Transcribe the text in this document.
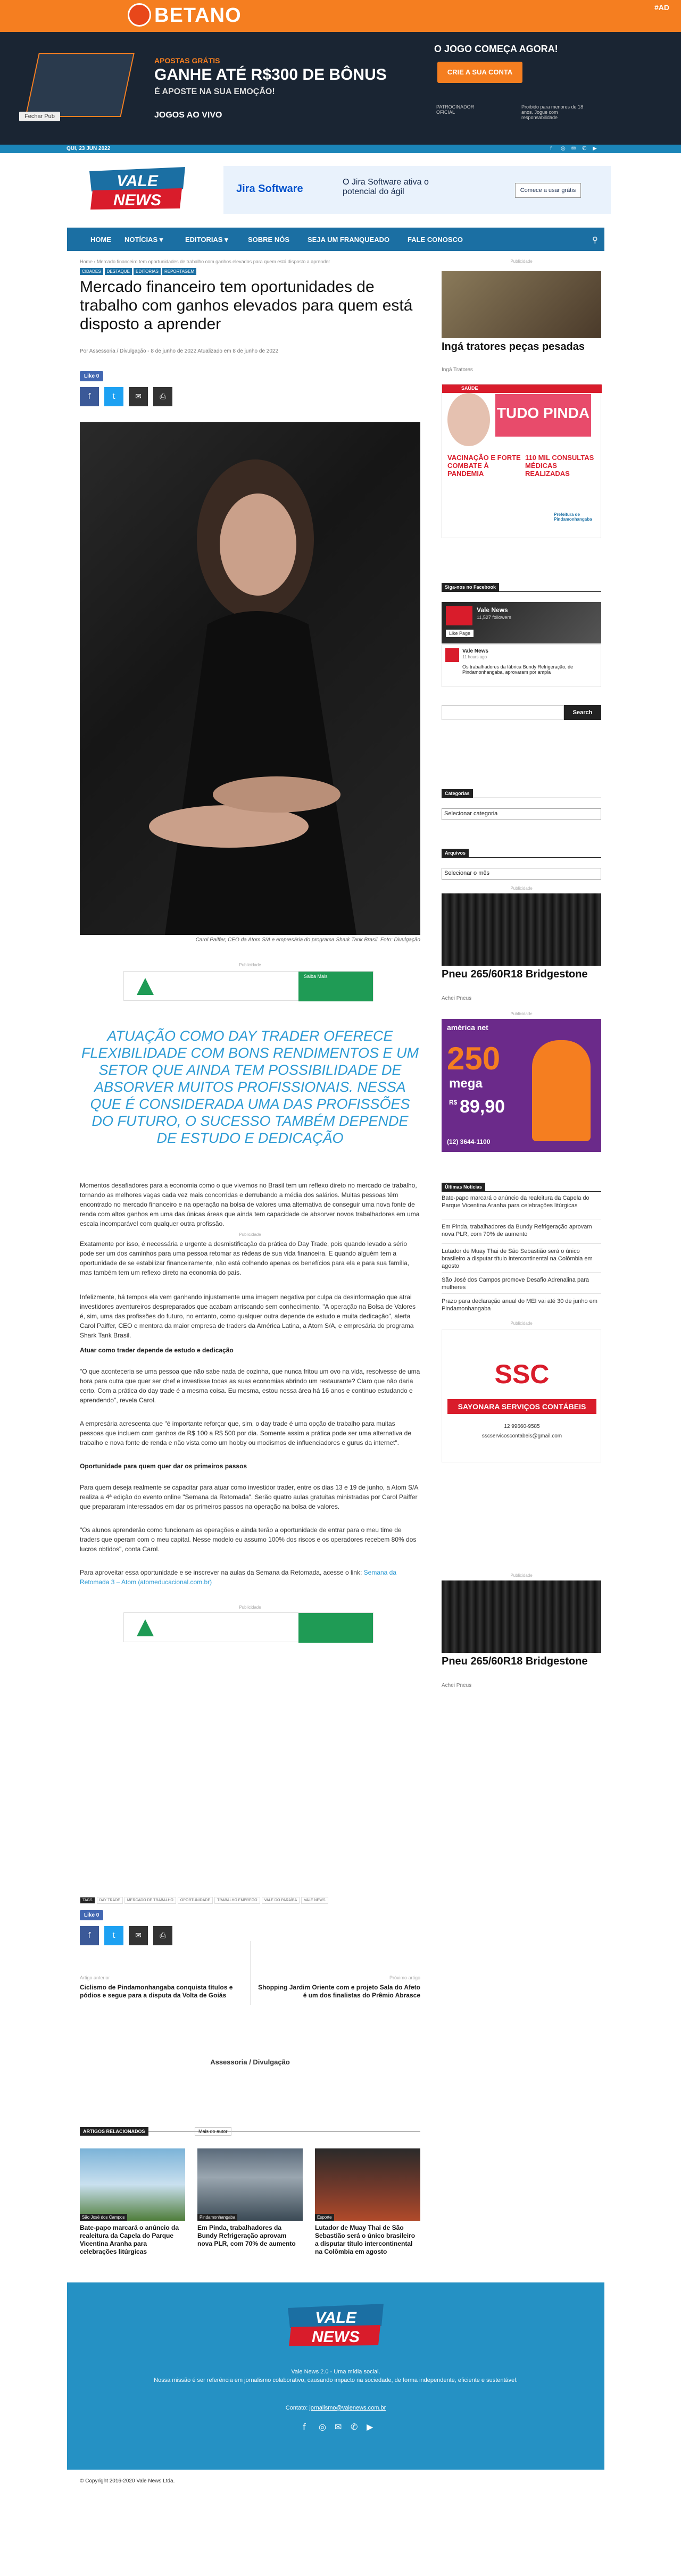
BETANO	#AD
APOSTAS GRÁTIS
GANHE ATÉ R$300 DE BÔNUS
É APOSTE NA SUA EMOÇÃO!
JOGOS AO VIVO
O JOGO COMEÇA AGORA!
CRIE A SUA CONTA
PATROCINADOR OFICIAL
Proibido para menores de 18 anos. Jogue com responsabilidade
Fechar Pub
QUI, 23 JUN 2022	f	◎ ✉ ✆ ▶
VALE
NEWS
Jira Software
O Jira Software ativa o potencial do ágil	Comece a usar grátis
HOME NOTÍCIAS ▾	EDITORIAS ▾	SOBRE NÓS	SEJA UM FRANQUEADO	FALE CONOSCO	⚲
Home › Mercado financeiro tem oportunidades de trabalho com ganhos elevados para quem está disposto a aprender
CIDADES DESTAQUE EDITORIAS REPORTAGEM
Mercado financeiro tem oportunidades de trabalho com ganhos elevados para quem está disposto a aprender
Por Assessoria / Divulgação - 8 de junho de 2022 Atualizado em 8 de junho de 2022
Like 0
f	t	✉	⎙
Carol Paiffer, CEO da Atom S/A e empresária do programa Shark Tank Brasil. Foto: Divulgação
Publicidade
Saiba Mais
ATUAÇÃO COMO DAY TRADER OFERECE FLEXIBILIDADE COM BONS RENDIMENTOS E UM SETOR QUE AINDA TEM POSSIBILIDADE DE ABSORVER MUITOS PROFISSIONAIS. NESSA QUE É CONSIDERADA UMA DAS PROFISSÕES DO FUTURO, O SUCESSO TAMBÉM DEPENDE DE ESTUDO E DEDICAÇÃO

Momentos desafiadores para a economia como o que vivemos no Brasil tem um reflexo direto no mercado de trabalho, tornando as melhores vagas cada vez mais concorridas e derrubando a média dos salários. Muitas pessoas têm encontrado no mercado financeiro e na operação na bolsa de valores uma alternativa de conseguir uma nova fonte de renda com altos ganhos em uma das únicas áreas que ainda tem capacidade de absorver novos trabalhadores em uma escala incomparável com qualquer outra profissão.

Publicidade

Exatamente por isso, é necessária e urgente a desmistificação da prática do Day Trade, pois quando levado a sério pode ser um dos caminhos para uma pessoa retomar as rédeas de sua vida financeira. E quando alguém tem a oportunidade de se estabilizar financeiramente, não está colhendo apenas os benefícios para ela e para sua família, mas também tem um reflexo direto na economia do país.

Infelizmente, há tempos ela vem ganhando injustamente uma imagem negativa por culpa da desinformação que atrai investidores aventureiros despreparados que acabam arriscando sem conhecimento. "A operação na Bolsa de Valores é, sim, uma das profissões do futuro, no entanto, como qualquer outra depende de estudo e muita dedicação", alerta Carol Paiffer, CEO e mentora da maior empresa de traders da América Latina, a Atom S/A, e empresária do programa Shark Tank Brasil.

Atuar como trader depende de estudo e dedicação

"O que aconteceria se uma pessoa que não sabe nada de cozinha, que nunca fritou um ovo na vida, resolvesse de uma hora para outra que quer ser chef e investisse todas as suas economias abrindo um restaurante? Claro que não daria certo. Com a prática do day trade é a mesma coisa. Eu mesma, estou nessa área há 16 anos e continuo estudando e aprendendo", revela Carol.

A empresária acrescenta que "é importante reforçar que, sim, o day trade é uma opção de trabalho para muitas pessoas que incluem com ganhos de R$ 100 a R$ 500 por dia. Somente assim a prática pode ser uma alternativa de trabalho e nova fonte de renda e não vista como um hobby ou modismos de influenciadores e gurus da internet".

Oportunidade para quem quer dar os primeiros passos

Para quem deseja realmente se capacitar para atuar como investidor trader, entre os dias 13 e 19 de junho, a Atom S/A realiza a 4ª edição do evento online "Semana da Retomada". Serão quatro aulas gratuitas ministradas por Carol Paiffer que prepararam interessados em dar os primeiros passos na operação na bolsa de valores.

"Os alunos aprenderão como funcionam as operações e ainda terão a oportunidade de entrar para o meu time de traders que operam com o meu capital. Nesse modelo eu assumo 100% dos riscos e os operadores recebem 80% dos lucros obtidos", conta Carol.

Para aproveitar essa oportunidade e se inscrever na aulas da Semana da Retomada, acesse o link: Semana da Retomada 3 – Atom (atomeducacional.com.br)

Publicidade
TAGS DAY TRADE MERCADO DE TRABALHO OPORTUNIDADE TRABALHO EMPREGO VALE DO PARAÍBA VALE NEWS
Like 0
f	t	✉	⎙
Artigo anterior
Ciclismo de Pindamonhangaba conquista títulos e pódios e segue para a disputa da Volta de Goiás
Próximo artigo
Shopping Jardim Oriente com e projeto Sala do Afeto é um dos finalistas do Prêmio Abrasce
Assessoria / Divulgação
ARTIGOS RELACIONADOS	Mais do autor
São José dos Campos
Bate-papo marcará o anúncio da realeitura da Capela do Parque Vicentina Aranha para celebrações litúrgicas
Pindamonhangaba
Em Pinda, trabalhadores da Bundy Refrigeração aprovam nova PLR, com 70% de aumento
Esporte
Lutador de Muay Thai de São Sebastião será o único brasileiro a disputar título intercontinental na Colômbia em agosto
Publicidade
Ingá tratores peças pesadas
Ingá Tratores
SAÚDE
TUDO PINDA
VACINAÇÃO E FORTE COMBATE À PANDEMIA
110 MIL CONSULTAS MÉDICAS REALIZADAS
Prefeitura de Pindamonhangaba
Siga-nos no Facebook
Vale News
11,527 followers
Like Page
Vale News
11 hours ago
Os trabalhadores da fábrica Bundy Refrigeração, de Pindamonhangaba, aprovaram por ampla
Search
Categorias
Selecionar categoria
Arquivos
Selecionar o mês
Publicidade
Pneu 265/60R18 Bridgestone
Achei Pneus
Publicidade
américa net
250
mega
R$ 89,90
(12) 3644-1100
Últimas Notícias
Bate-papo marcará o anúncio da realeitura da Capela do Parque Vicentina Aranha para celebrações litúrgicas
Em Pinda, trabalhadores da Bundy Refrigeração aprovam nova PLR, com 70% de aumento
Lutador de Muay Thai de São Sebastião será o único brasileiro a disputar título intercontinental na Colômbia em agosto
São José dos Campos promove Desafio Adrenalina para mulheres
Prazo para declaração anual do MEI vai até 30 de junho em Pindamonhangaba
Publicidade
SSC
SAYONARA SERVIÇOS CONTÁBEIS
12 99660-9585
sscservicoscontabeis@gmail.com
Publicidade
Pneu 265/60R18 Bridgestone
Achei Pneus
VALE
NEWS
Vale News 2.0 - Uma mídia social.
Nossa missão é ser referência em jornalismo colaborativo, causando impacto na sociedade, de forma independente, eficiente e sustentável.
Contato: jornalismo@valenews.com.br
f ◎ ✉ ✆ ▶
© Copyright 2016-2020 Vale News Ltda.
